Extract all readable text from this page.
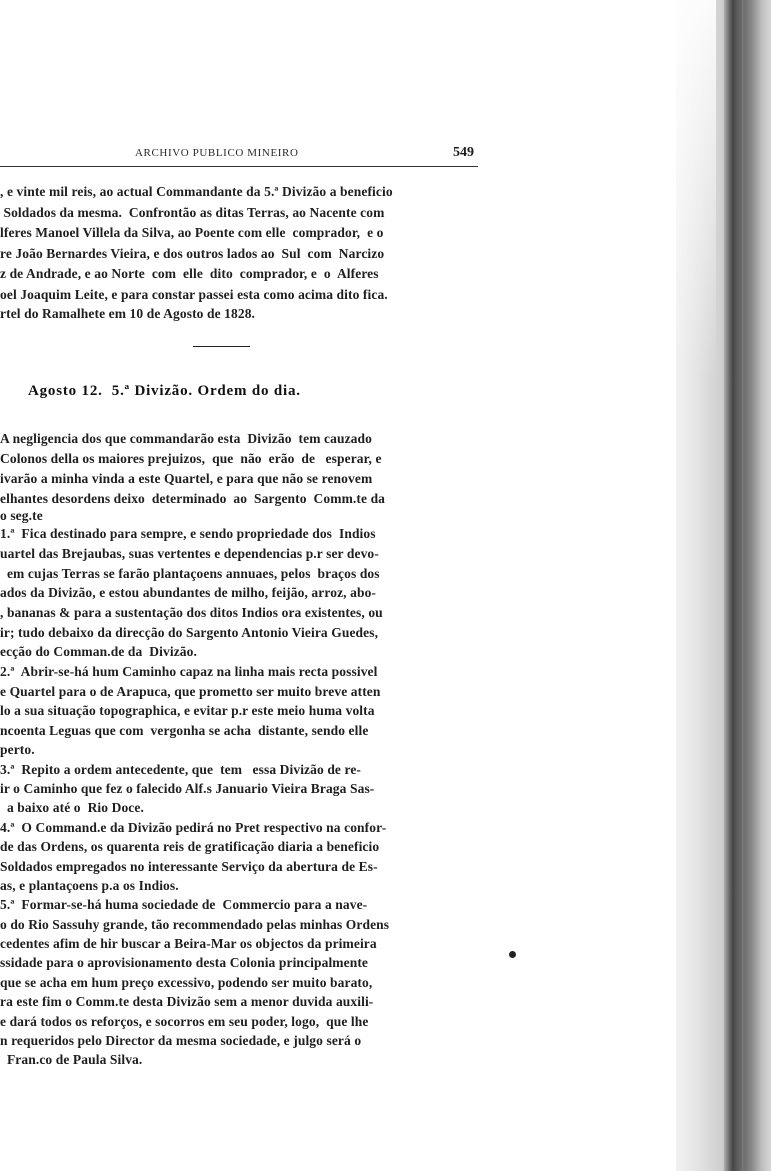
ARCHIVO PUBLICO MINEIRO	549
, e vinte mil reis, ao actual Commandante da 5.ª Divizão a beneficio
Soldados da mesma.  Confrontão as ditas Terras, ao Nacente com
lferes Manoel Villela da Silva, ao Poente com elle  comprador,  e o
re João Bernardes Vieira, e dos outros lados ao  Sul  com  Narcizo
z de Andrade, e ao Norte  com  elle  dito  comprador, e  o  Alferes
oel Joaquim Leite, e para constar passei esta como acima dito fica.
rtel do Ramalhete em 10 de Agosto de 1828.
Agosto 12.  5.ª Divizão. Ordem do dia.
A negligencia dos que commandarão esta  Divizão  tem cauzado
Colonos della os maiores prejuizos,  que  não  erão  de   esperar, e
ivarão a minha vinda a este Quartel, e para que não se renovem
elhantes desordens deixo  determinado  ao  Sargento  Comm.te da
o seg.te
1.ª  Fica destinado para sempre, e sendo propriedade dos  Indios
uartel das Brejaubas, suas vertentes e dependencias p.r ser devo-
em cujas Terras se farão plantaçoens annuaes, pelos  braços dos
ados da Divizão, e estou abundantes de milho, feijão, arroz, abo-
, bananas & para a sustentação dos ditos Indios ora existentes, ou
ir; tudo debaixo da direcção do Sargento Antonio Vieira Guedes,
ecção do Comman.de da  Divizão.
2.ª  Abrir-se-há hum Caminho capaz na linha mais recta possivel
e Quartel para o de Arapuca, que prometto ser muito breve atten
lo a sua situação topographica, e evitar p.r este meio huma volta
ncoenta Leguas que com  vergonha se acha  distante, sendo elle
perto.
3.ª  Repito a ordem antecedente, que  tem   essa Divizão de re-
ir o Caminho que fez o falecido Alf.s Januario Vieira Braga Sas-
a baixo até o  Rio Doce.
4.ª  O Command.e da Divizão pedirá no Pret respectivo na confor-
de das Ordens, os quarenta reis de gratificação diaria a beneficio
Soldados empregados no interessante Serviço da abertura de Es-
as, e plantaçoens p.a os Indios.
5.ª  Formar-se-há huma sociedade de  Commercio para a nave-
o do Rio Sassuhy grande, tão recommendado pelas minhas Ordens
cedentes afim de hir buscar a Beira-Mar os objectos da primeira
ssidade para o aprovisionamento desta Colonia principalmente
que se acha em hum preço excessivo, podendo ser muito barato,
ra este fim o Comm.te desta Divizão sem a menor duvida auxili-
e dará todos os reforços, e socorros em seu poder, logo,  que lhe
n requeridos pelo Director da mesma sociedade, e julgo será o
Fran.co de Paula Silva.
